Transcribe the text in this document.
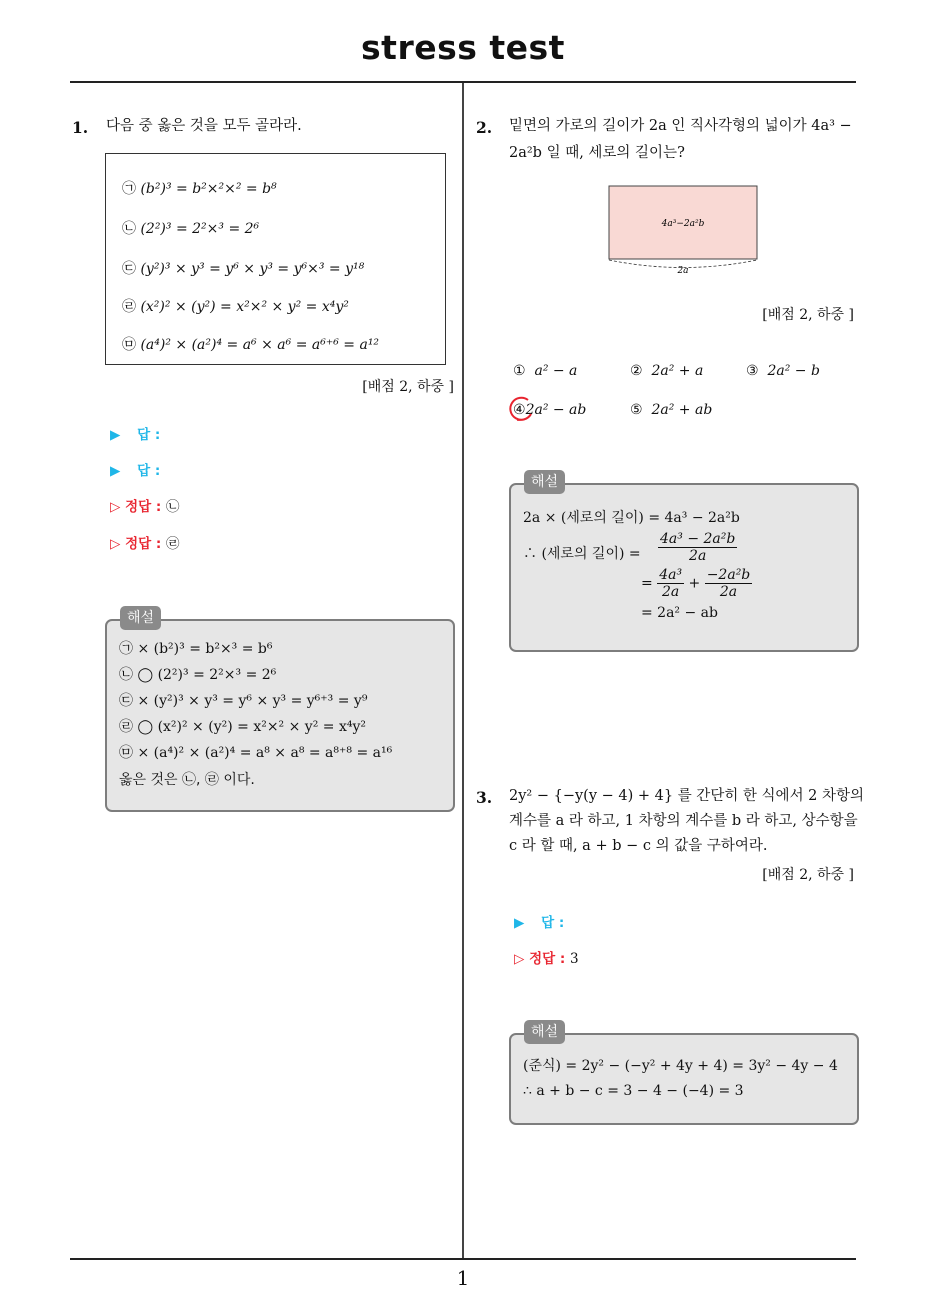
stress test
1
1. 다음 중 옳은 것을 모두 골라라.
㉠ (b²)³ = b²×²×² = b⁸
㉡ (2²)³ = 2²×³ = 2⁶
㉢ (y²)³ × y³ = y⁶ × y³ = y⁶×³ = y¹⁸
㉣ (x²)² × (y²) = x²×² × y² = x⁴y²
㉤ (a⁴)² × (a²)⁴ = a⁶ × a⁶ = a⁶⁺⁶ = a¹²
[배점 2, 하중 ]
▶ 답 :
▶ 답 :
▷ 정답 : ㉡
▷ 정답 : ㉣
㉠ × (b²)³ = b²×³ = b⁶
㉡ ◯ (2²)³ = 2²×³ = 2⁶
㉢ × (y²)³ × y³ = y⁶ × y³ = y⁶⁺³ = y⁹
㉣ ◯ (x²)² × (y²) = x²×² × y² = x⁴y²
㉤ × (a⁴)² × (a²)⁴ = a⁸ × a⁸ = a⁸⁺⁸ = a¹⁶
옳은 것은 ㉡, ㉣ 이다.
해설
2. 밑면의 가로의 길이가 2a 인 직사각형의 넓이가 4a³ −
2a²b 일 때, 세로의 길이는?
4a³−2a²b
2a
[배점 2, 하중 ]
① a² − a	② 2a² + a	③ 2a² − b
④2a² − ab	⑤ 2a² + ab
2a × (세로의 길이) = 4a³ − 2a²b
∴ (세로의 길이) = $\frac{\text{4a³ − 2a²b}}{2a}$
= $\frac{\text{4a³}}{2a} + \frac{\text{−2a²b}}{2a}$
= 2a² − ab
해설
3. 2y² − {−y(y − 4) + 4} 를 간단히 한 식에서 2 차항의
계수를 a 라 하고, 1 차항의 계수를 b 라 하고, 상수항을
c 라 할 때, a + b − c 의 값을 구하여라.
[배점 2, 하중 ]
▶ 답 :
▷ 정답 : 3
(준식) = 2y² − (−y² + 4y + 4) = 3y² − 4y − 4
∴ a + b − c = 3 − 4 − (−4) = 3
해설
